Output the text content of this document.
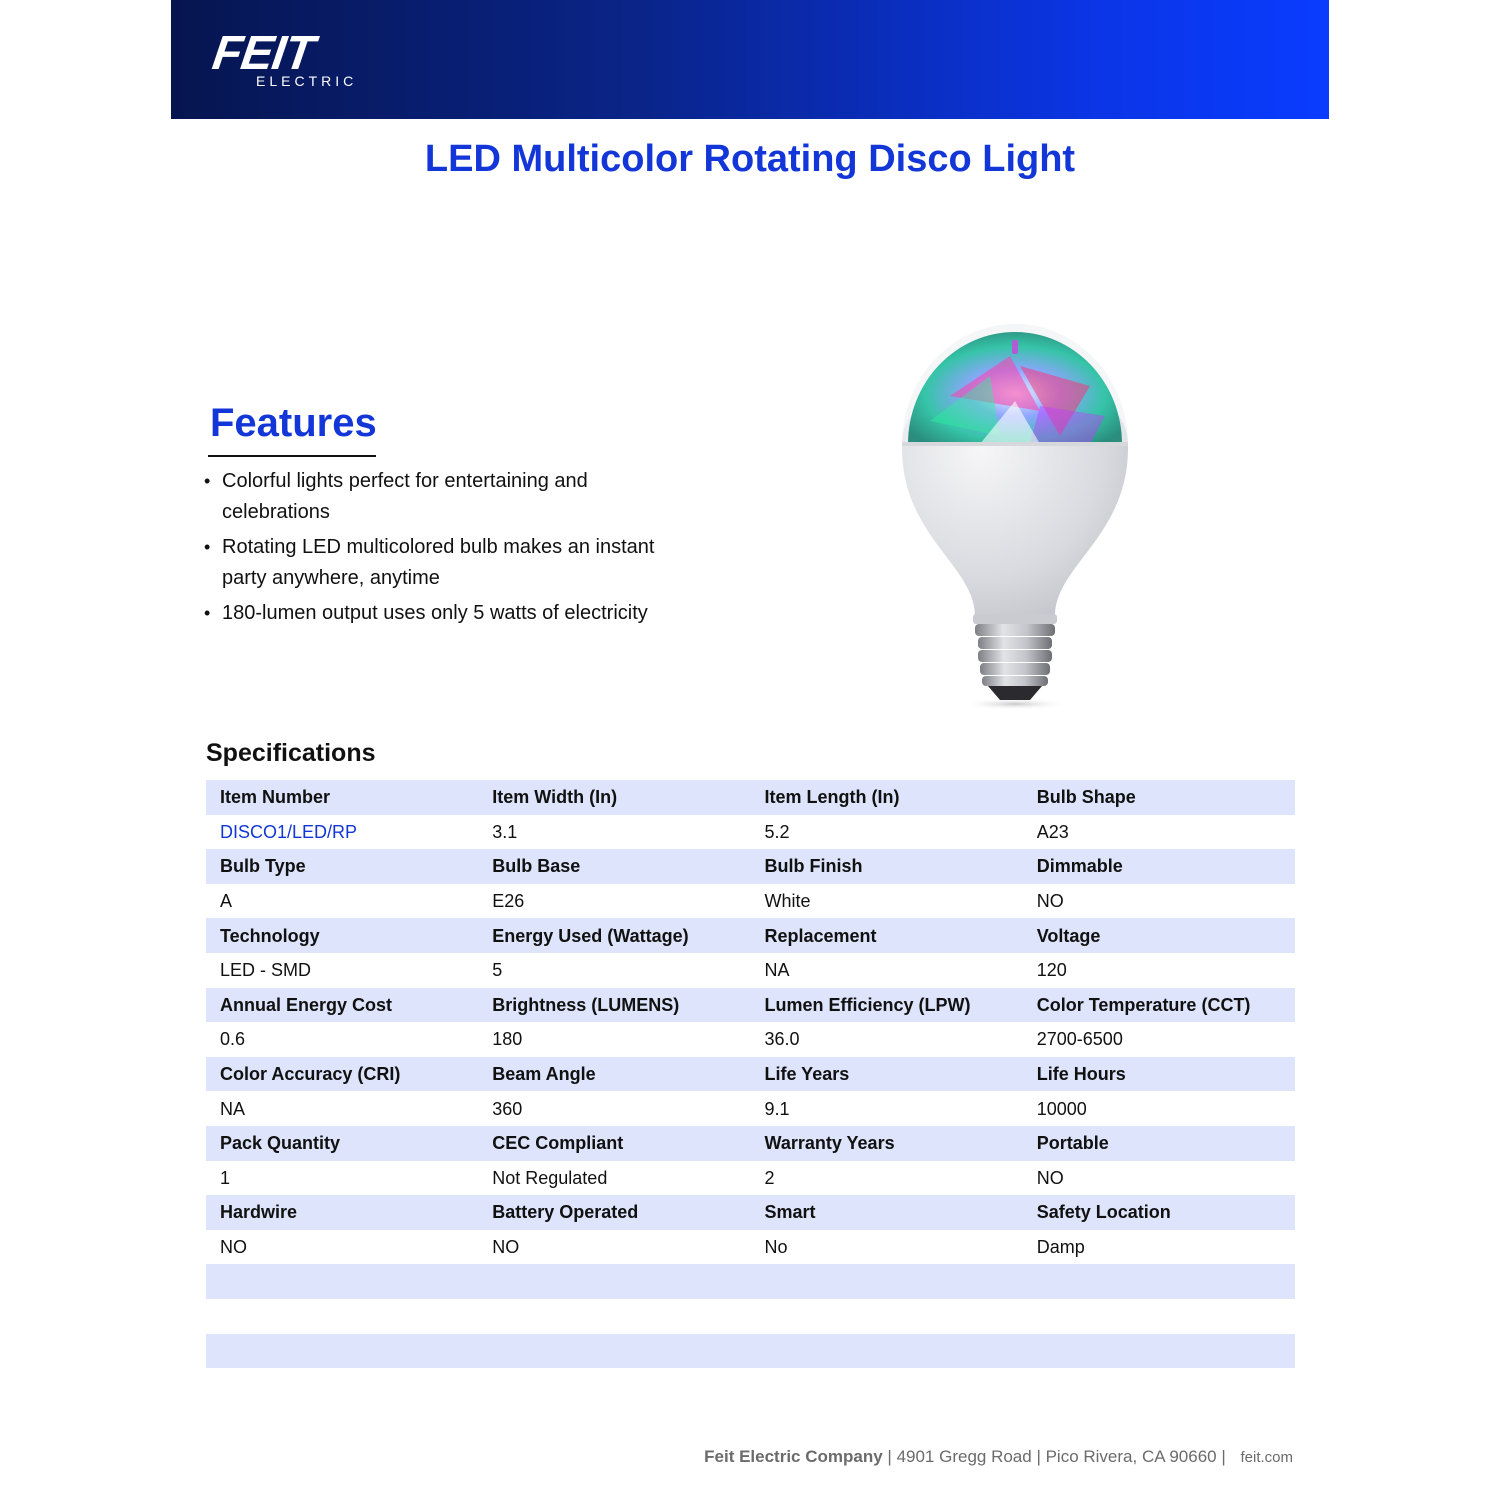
FEIT
ELECTRIC
LED Multicolor Rotating Disco Light
Features
• Colorful lights perfect for entertaining and celebrations
• Rotating LED multicolored bulb makes an instant party anywhere, anytime
• 180-lumen output uses only 5 watts of electricity
Specifications
Item Number	Item Width (In)	Item Length (In)	Bulb Shape
DISCO1/LED/RP	3.1	5.2	A23
Bulb Type	Bulb Base	Bulb Finish	Dimmable
A	E26	White	NO
Technology	Energy Used (Wattage)	Replacement	Voltage
LED - SMD	5	NA	120
Annual Energy Cost	Brightness (LUMENS)	Lumen Efficiency (LPW)	Color Temperature (CCT)
0.6	180	36.0	2700-6500
Color Accuracy (CRI)	Beam Angle	Life Years	Life Hours
NA	360	9.1	10000
Pack Quantity	CEC Compliant	Warranty Years	Portable
1	Not Regulated	2	NO
Hardwire	Battery Operated	Smart	Safety Location
NO	NO	No	Damp
Feit Electric Company | 4901 Gregg Road | Pico Rivera, CA 90660 | feit.com
